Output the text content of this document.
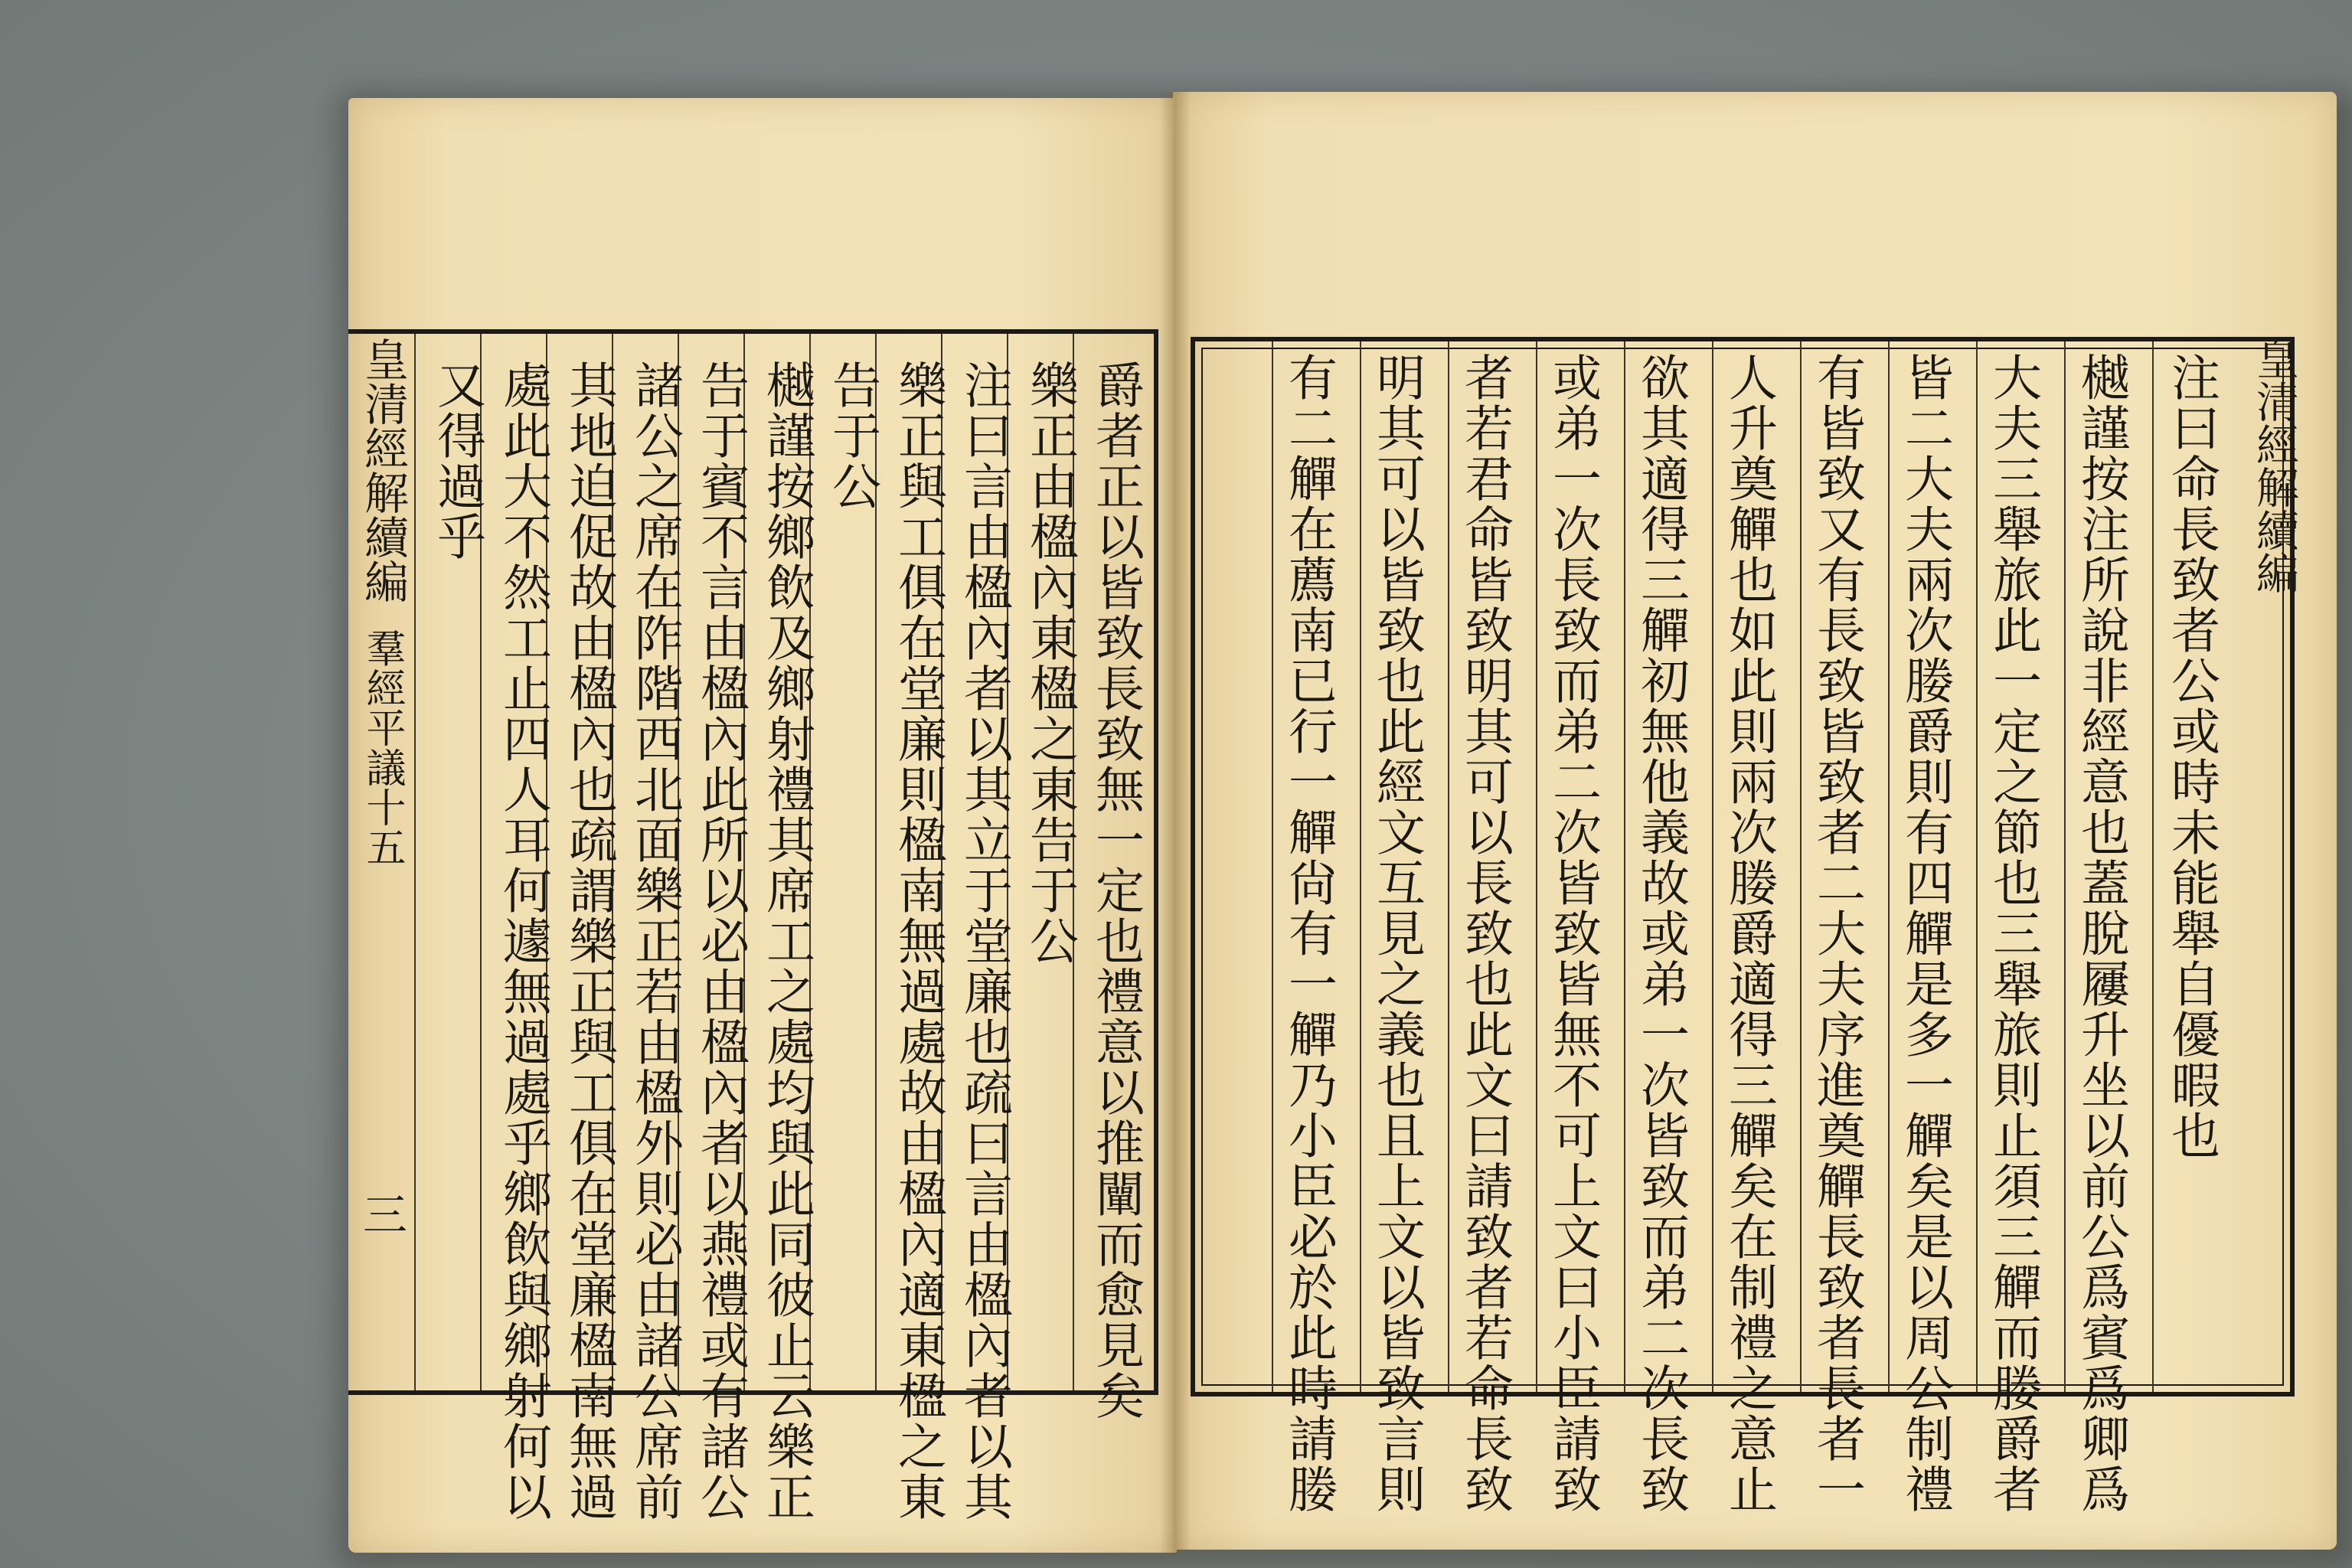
皇清經解續編
羣經平議十五
三	爵者正以皆致長致無一定也禮意以推闡而愈見矣
樂正由楹內東楹之東告于公
注曰言由楹內者以其立于堂廉也疏曰言由楹內者以其
樂正與工俱在堂廉則楹南無過處故由楹內適東楹之東
告于公
樾謹按鄉飲及鄉射禮其席工之處均與此同彼止云樂正
告于賓不言由楹內此所以必由楹內者以燕禮或有諸公
諸公之席在阼階西北面樂正若由楹外則必由諸公席前
其地迫促故由楹內也疏謂樂正與工俱在堂廉楹南無過
處此大不然工止四人耳何遽無過處乎鄉飲與鄉射何以
又得過乎	皇清經解續編
注曰命長致者公或時未能舉自優暇也
樾謹按注所說非經意也蓋脫屨升坐以前公爲賓爲卿爲
大夫三舉旅此一定之節也三舉旅則止須三觶而媵爵者
皆二大夫兩次媵爵則有四觶是多一觶矣是以周公制禮
有皆致又有長致皆致者二大夫序進奠觶長致者長者一
人升奠觶也如此則兩次媵爵適得三觶矣在制禮之意止
欲其適得三觶初無他義故或弟一次皆致而弟二次長致
或弟一次長致而弟二次皆致皆無不可上文曰小臣請致
者若君命皆致明其可以長致也此文曰請致者若命長致
明其可以皆致也此經文互見之義也且上文以皆致言則
有二觶在薦南已行一觶尙有一觶乃小臣必於此時請媵
